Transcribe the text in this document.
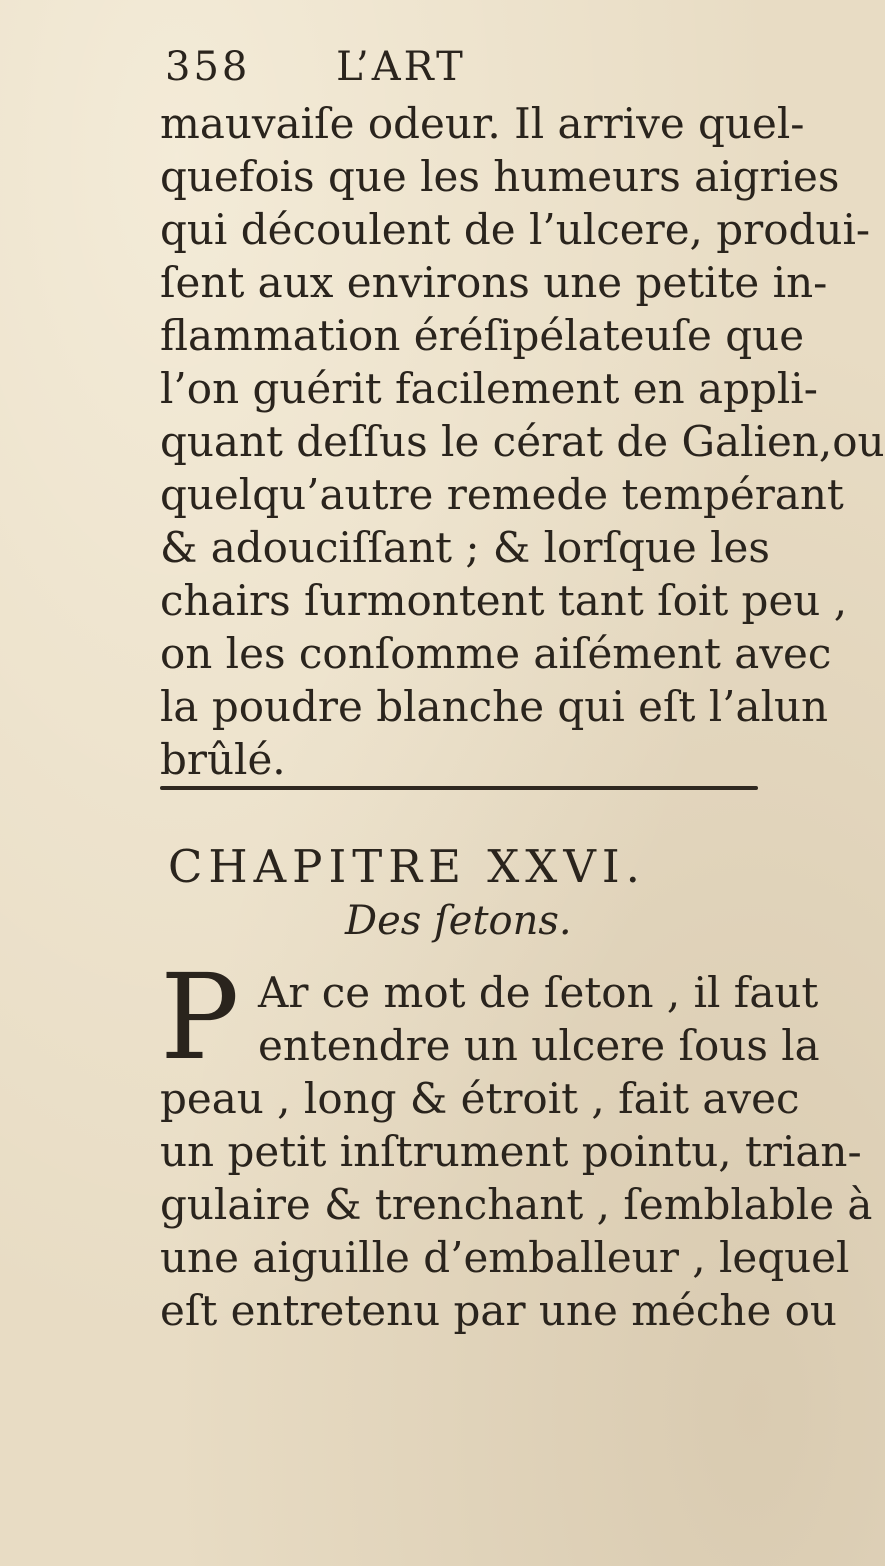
358 L’ART
mauvaiſe odeur. Il arrive quel-
quefois que les humeurs aigries
qui découlent de l’ulcere, produi-
ſent aux environs une petite in-
flammation éréſipélateuſe que
l’on guérit facilement en appli-
quant deſſus le cérat de Galien,ou
quelqu’autre remede tempérant
& adouciſſant ; & lorſque les
chairs ſurmontent tant ſoit peu ,
on les conſomme aiſément avec
la poudre blanche qui eſt l’alun
brûlé.
CHAPITRE XXVI.
Des ſetons.
P Ar ce mot de ſeton , il faut
entendre un ulcere ſous la
peau , long & étroit , fait avec
un petit inſtrument pointu, trian-
gulaire & trenchant , ſemblable à
une aiguille d’emballeur , lequel
eſt entretenu par une méche ou
